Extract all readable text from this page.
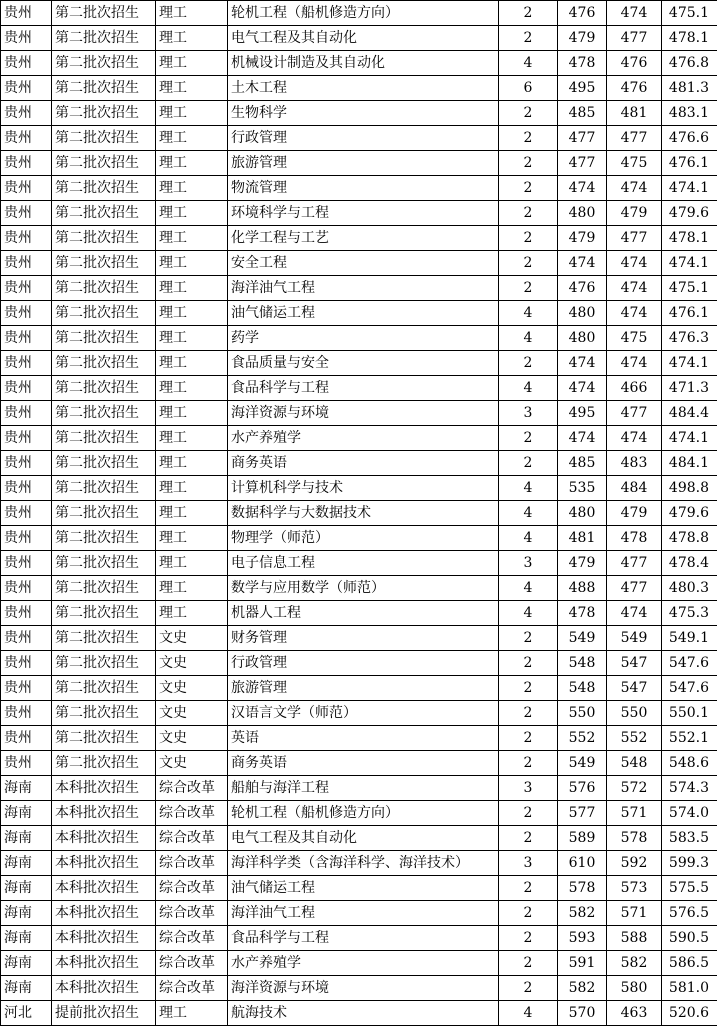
贵州	第二批次招生	理工	轮机工程（船机修造方向）	2	476	474	475.1
贵州	第二批次招生	理工	电气工程及其自动化	2	479	477	478.1
贵州	第二批次招生	理工	机械设计制造及其自动化	4	478	476	476.8
贵州	第二批次招生	理工	土木工程	6	495	476	481.3
贵州	第二批次招生	理工	生物科学	2	485	481	483.1
贵州	第二批次招生	理工	行政管理	2	477	477	476.6
贵州	第二批次招生	理工	旅游管理	2	477	475	476.1
贵州	第二批次招生	理工	物流管理	2	474	474	474.1
贵州	第二批次招生	理工	环境科学与工程	2	480	479	479.6
贵州	第二批次招生	理工	化学工程与工艺	2	479	477	478.1
贵州	第二批次招生	理工	安全工程	2	474	474	474.1
贵州	第二批次招生	理工	海洋油气工程	2	476	474	475.1
贵州	第二批次招生	理工	油气储运工程	4	480	474	476.1
贵州	第二批次招生	理工	药学	4	480	475	476.3
贵州	第二批次招生	理工	食品质量与安全	2	474	474	474.1
贵州	第二批次招生	理工	食品科学与工程	4	474	466	471.3
贵州	第二批次招生	理工	海洋资源与环境	3	495	477	484.4
贵州	第二批次招生	理工	水产养殖学	2	474	474	474.1
贵州	第二批次招生	理工	商务英语	2	485	483	484.1
贵州	第二批次招生	理工	计算机科学与技术	4	535	484	498.8
贵州	第二批次招生	理工	数据科学与大数据技术	4	480	479	479.6
贵州	第二批次招生	理工	物理学（师范）	4	481	478	478.8
贵州	第二批次招生	理工	电子信息工程	3	479	477	478.4
贵州	第二批次招生	理工	数学与应用数学（师范）	4	488	477	480.3
贵州	第二批次招生	理工	机器人工程	4	478	474	475.3
贵州	第二批次招生	文史	财务管理	2	549	549	549.1
贵州	第二批次招生	文史	行政管理	2	548	547	547.6
贵州	第二批次招生	文史	旅游管理	2	548	547	547.6
贵州	第二批次招生	文史	汉语言文学（师范）	2	550	550	550.1
贵州	第二批次招生	文史	英语	2	552	552	552.1
贵州	第二批次招生	文史	商务英语	2	549	548	548.6
海南	本科批次招生	综合改革	船舶与海洋工程	3	576	572	574.3
海南	本科批次招生	综合改革	轮机工程（船机修造方向）	2	577	571	574.0
海南	本科批次招生	综合改革	电气工程及其自动化	2	589	578	583.5
海南	本科批次招生	综合改革	海洋科学类（含海洋科学、海洋技术）	3	610	592	599.3
海南	本科批次招生	综合改革	油气储运工程	2	578	573	575.5
海南	本科批次招生	综合改革	海洋油气工程	2	582	571	576.5
海南	本科批次招生	综合改革	食品科学与工程	2	593	588	590.5
海南	本科批次招生	综合改革	水产养殖学	2	591	582	586.5
海南	本科批次招生	综合改革	海洋资源与环境	2	582	580	581.0
河北	提前批次招生	理工	航海技术	4	570	463	520.6
